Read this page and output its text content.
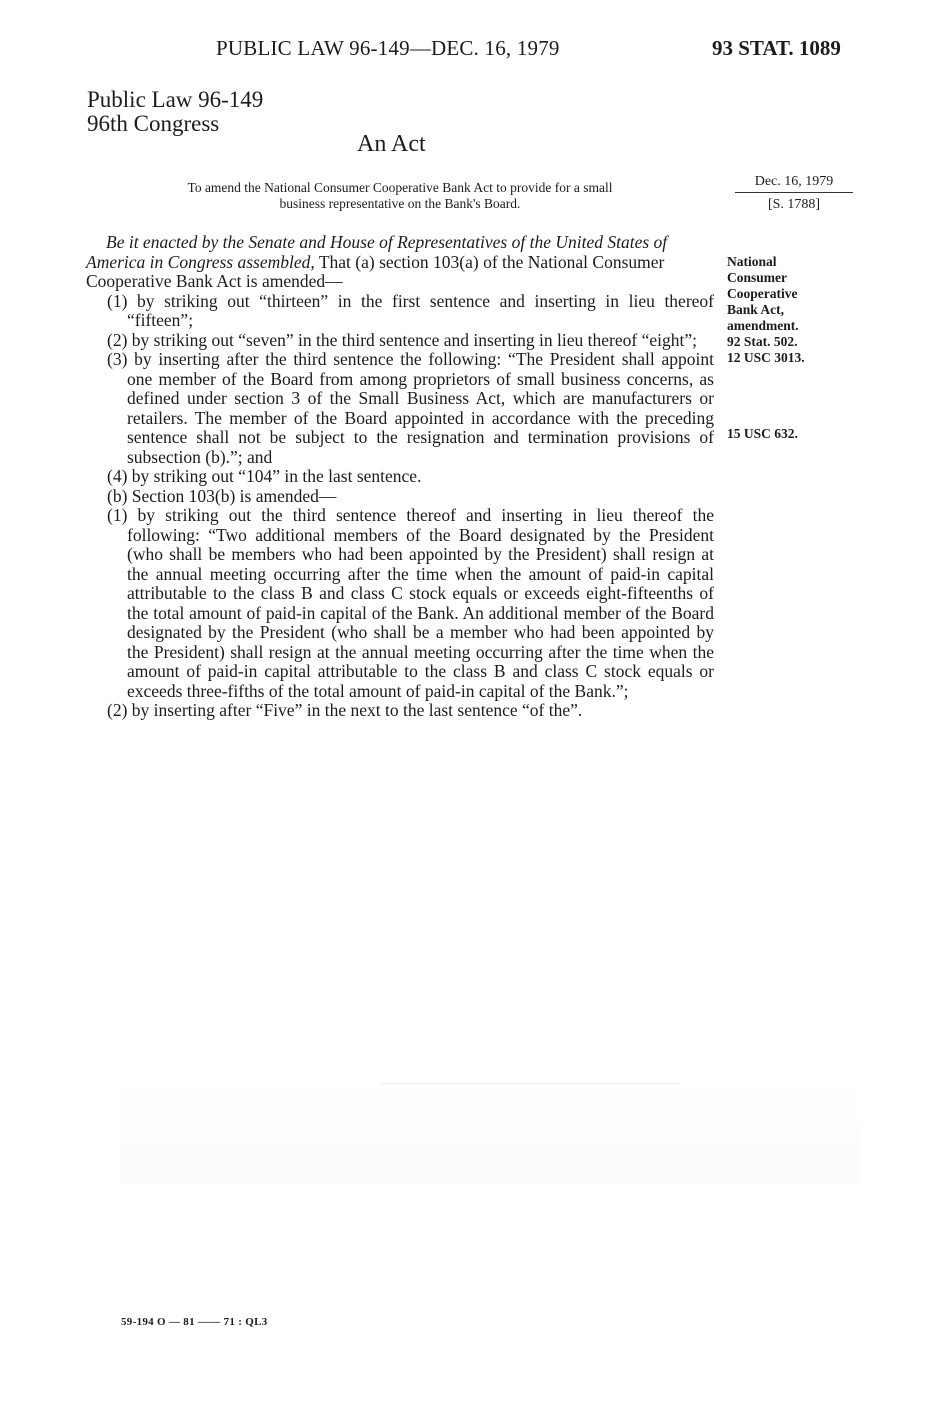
PUBLIC LAW 96-149—DEC. 16, 1979	93 STAT. 1089
Public Law 96-149
96th Congress
An Act
To amend the National Consumer Cooperative Bank Act to provide for a small
business representative on the Bank's Board.
Dec. 16, 1979
[S. 1788]

Be it enacted by the Senate and House of Representatives of the United States of America in Congress assembled, That (a) section 103(a) of the National Consumer Cooperative Bank Act is amended—

(1) by striking out “thirteen” in the first sentence and inserting in lieu thereof “fifteen”;

(2) by striking out “seven” in the third sentence and inserting in lieu thereof “eight”;

(3) by inserting after the third sentence the following: “The President shall appoint one member of the Board from among proprietors of small business concerns, as defined under section 3 of the Small Business Act, which are manufacturers or retailers. The member of the Board appointed in accordance with the preceding sentence shall not be subject to the resignation and termination provisions of subsection (b).”; and

(4) by striking out “104” in the last sentence.

(b) Section 103(b) is amended—

(1) by striking out the third sentence thereof and inserting in lieu thereof the following: “Two additional members of the Board designated by the President (who shall be members who had been appointed by the President) shall resign at the annual meeting occurring after the time when the amount of paid-in capital attributable to the class B and class C stock equals or exceeds eight-fifteenths of the total amount of paid-in capital of the Bank. An additional member of the Board designated by the President (who shall be a member who had been appointed by the President) shall resign at the annual meeting occurring after the time when the amount of paid-in capital attributable to the class B and class C stock equals or exceeds three-fifths of the total amount of paid-in capital of the Bank.”;

(2) by inserting after “Five” in the next to the last sentence “of the”.

National
Consumer
Cooperative
Bank Act,
amendment.
92 Stat. 502.
12 USC 3013.
15 USC 632.
59-194 O — 81 —— 71 : QL3
